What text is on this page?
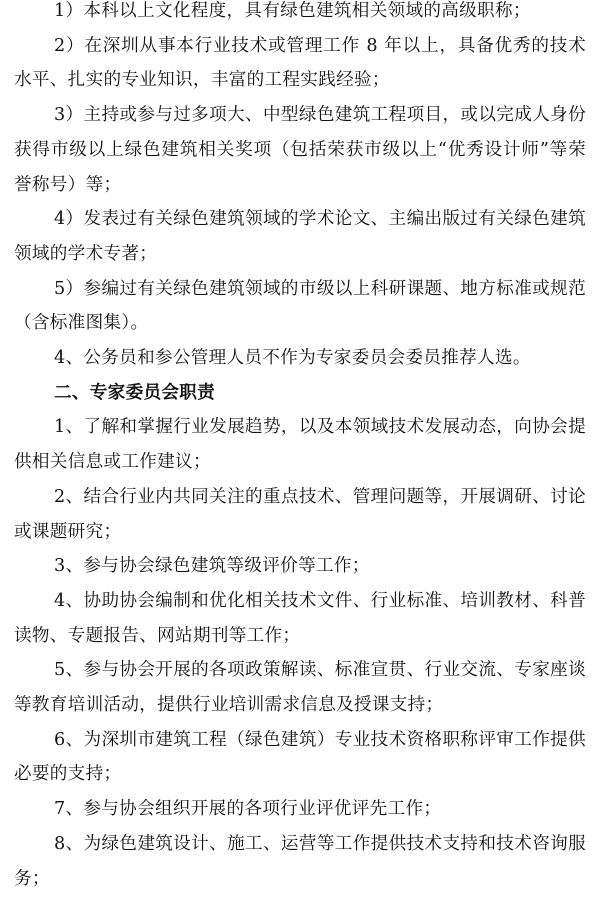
1）本科以上文化程度，具有绿色建筑相关领域的高级职称；

2）在深圳从事本行业技术或管理工作 8 年以上，具备优秀的技术水平、扎实的专业知识，丰富的工程实践经验；

3）主持或参与过多项大、中型绿色建筑工程项目，或以完成人身份获得市级以上绿色建筑相关奖项（包括荣获市级以上“优秀设计师”等荣誉称号）等；

4）发表过有关绿色建筑领域的学术论文、主编出版过有关绿色建筑领域的学术专著；

5）参编过有关绿色建筑领域的市级以上科研课题、地方标准或规范（含标准图集）。

4、公务员和参公管理人员不作为专家委员会委员推荐人选。

二、专家委员会职责

1、了解和掌握行业发展趋势，以及本领域技术发展动态，向协会提供相关信息或工作建议；

2、结合行业内共同关注的重点技术、管理问题等，开展调研、讨论或课题研究；

3、参与协会绿色建筑等级评价等工作；

4、协助协会编制和优化相关技术文件、行业标准、培训教材、科普读物、专题报告、网站期刊等工作；

5、参与协会开展的各项政策解读、标准宣贯、行业交流、专家座谈等教育培训活动，提供行业培训需求信息及授课支持；

6、为深圳市建筑工程（绿色建筑）专业技术资格职称评审工作提供必要的支持；

7、参与协会组织开展的各项行业评优评先工作；

8、为绿色建筑设计、施工、运营等工作提供技术支持和技术咨询服务；
